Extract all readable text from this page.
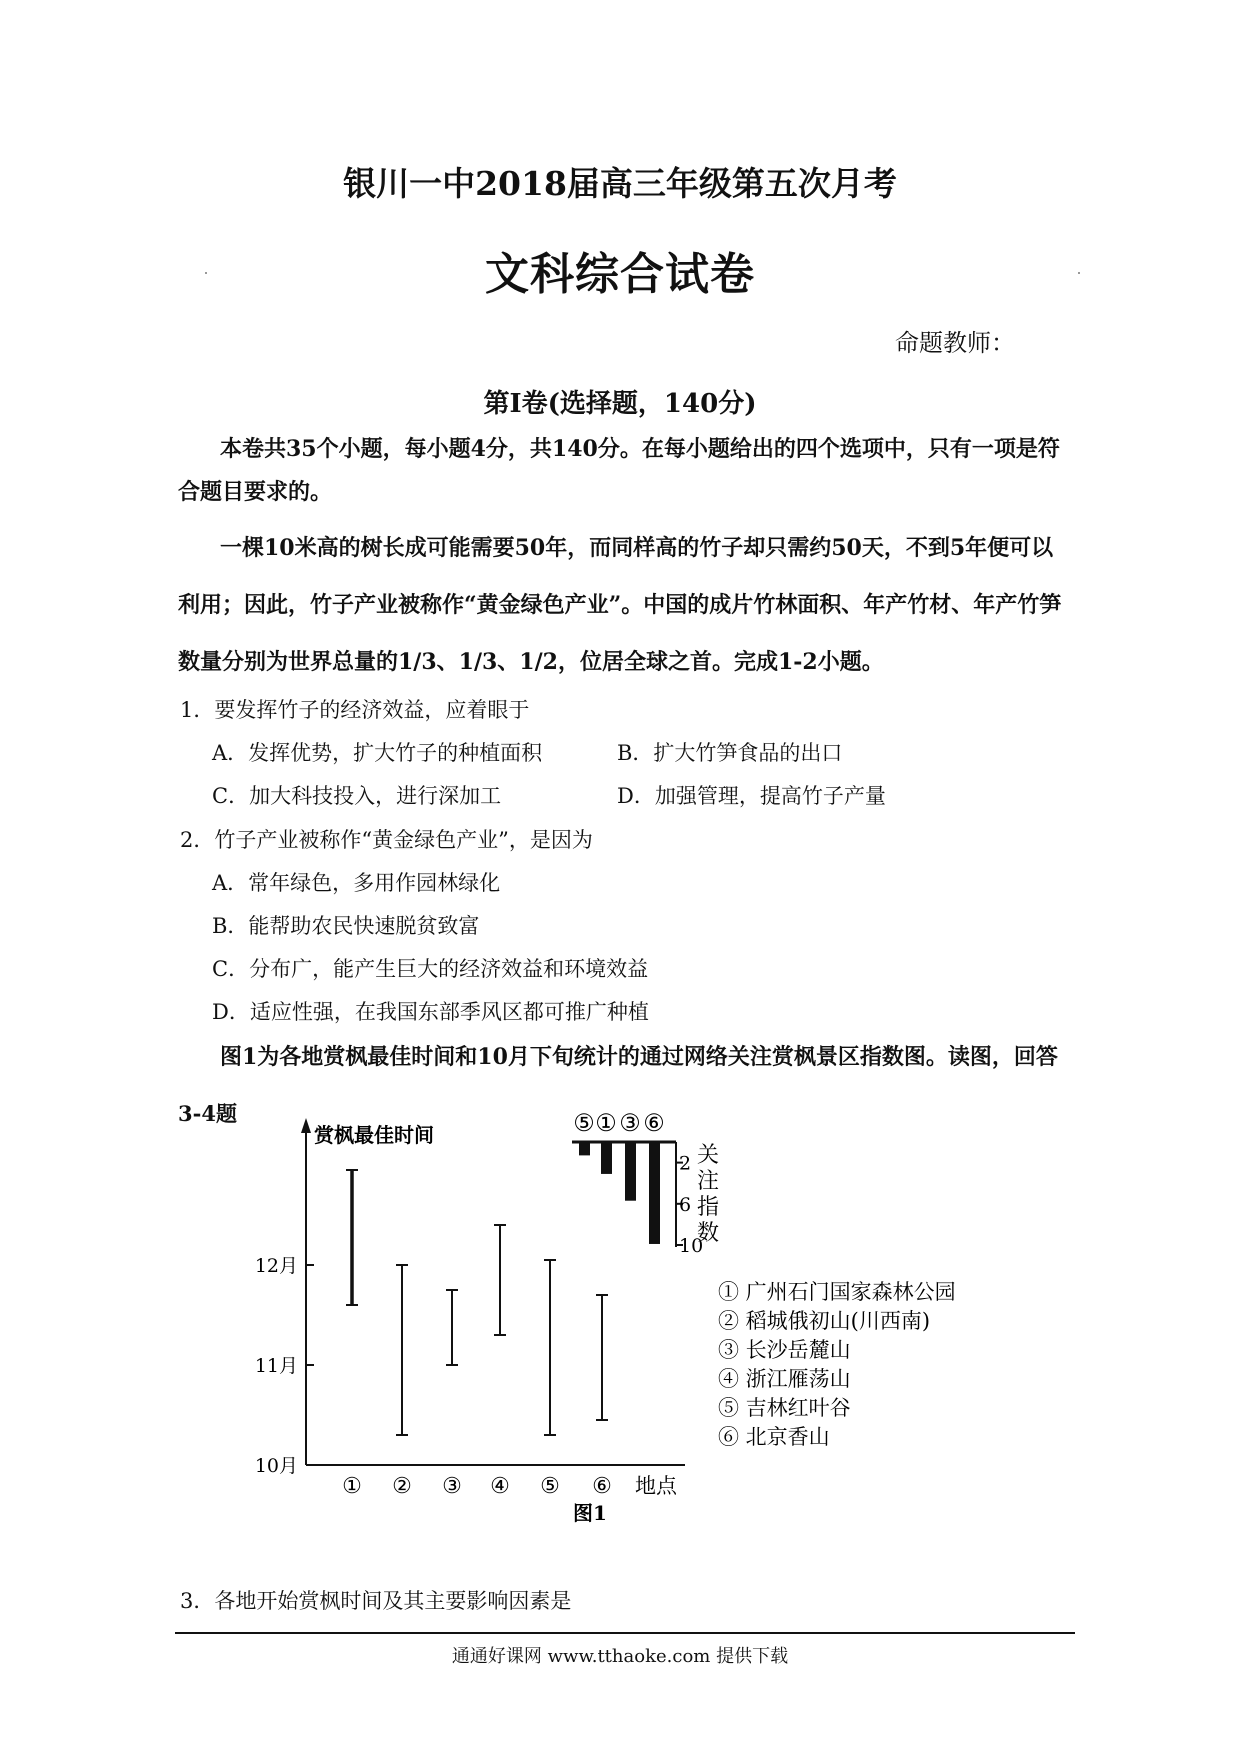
银川一中2018届高三年级第五次月考
文科综合试卷
命题教师：
第Ⅰ卷(选择题，140分)
本卷共35个小题，每小题4分，共140分。在每小题给出的四个选项中，只有一项是符合题目要求的。
一棵10米高的树长成可能需要50年，而同样高的竹子却只需约50天，不到5年便可以利用；因此，竹子产业被称作“黄金绿色产业”。中国的成片竹林面积、年产竹材、年产竹笋数量分别为世界总量的1/3、1/3、1/2，位居全球之首。完成1-2小题。
1．要发挥竹子的经济效益，应着眼于
A．发挥优势，扩大竹子的种植面积	B．扩大竹笋食品的出口
C．加大科技投入，进行深加工	D．加强管理，提高竹子产量
2．竹子产业被称作“黄金绿色产业”，是因为
A．常年绿色，多用作园林绿化
B．能帮助农民快速脱贫致富
C．分布广，能产生巨大的经济效益和环境效益
D．适应性强，在我国东部季风区都可推广种植
图1为各地赏枫最佳时间和10月下旬统计的通过网络关注赏枫景区指数图。读图，回答
3-4题
赏枫最佳时间
10月
11月
12月
① ② ③ ④ ⑤ ⑥ 地点
图1
⑤ ① ③ ⑥
2
6
10
关
注
指
数
① 广州石门国家森林公园
② 稻城俄初山(川西南)
③ 长沙岳麓山
④ 浙江雁荡山
⑤ 吉林红叶谷
⑥ 北京香山
3．各地开始赏枫时间及其主要影响因素是
通通好课网 www.tthaoke.com 提供下载
